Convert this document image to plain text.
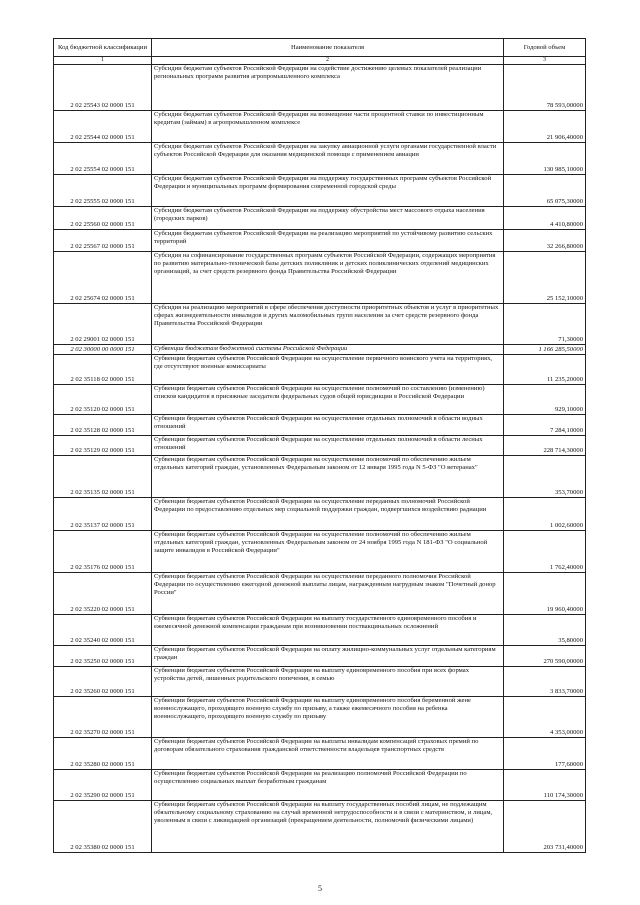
Код бюджетной классификации	Наименование показателя	Годовой объем
1	2	3
2 02 25543 02 0000 151	Субсидии бюджетам субъектов Российской Федерации на содействие достижению целевых показателей реализации региональных программ развития агропромышленного комплекса	78 593,00000
2 02 25544 02 0000 151	Субсидии бюджетам субъектов Российской Федерации на возмещение части процентной ставки по инвестиционным кредитам (займам) в агропромышленном комплексе	21 906,40000
2 02 25554 02 0000 151	Субсидии бюджетам субъектов Российской Федерации на закупку авиационной услуги органами государственной власти субъектов Российской Федерации для оказания медицинской помощи с применением авиации	130 985,10000
2 02 25555 02 0000 151	Субсидии бюджетам субъектов Российской Федерации на поддержку государственных программ субъектов Российской Федерации и муниципальных программ формирования современной городской среды	65 075,30000
2 02 25560 02 0000 151	Субсидии бюджетам субъектов Российской Федерации на поддержку обустройства мест массового отдыха населения (городских парков)	4 410,80000
2 02 25567 02 0000 151	Субсидии бюджетам субъектов Российской Федерации на реализацию мероприятий по устойчивому развитию сельских территорий	32 266,80000
2 02 25674 02 0000 151	Субсидия на софинансирование государственных программ субъектов Российской Федерации, содержащих мероприятия по развитию материально-технической базы детских поликлиник и детских поликлинических отделений медицинских организаций, за счет средств резервного фонда Правительства Российской Федерации	25 152,10000
2 02 29001 02 0000 151	Субсидия на реализацию мероприятий в сфере обеспечения доступности приоритетных объектов и услуг в приоритетных сферах жизнедеятельности инвалидов и других маломобильных групп населения за счет средств резервного фонда Правительства Российской Федерации	71,30000
2 02 30000 00 0000 151	Субвенции бюджетам бюджетной системы Российской Федерации	1 166 285,50000
2 02 35118 02 0000 151	Субвенции бюджетам субъектов Российской Федерации на осуществление первичного воинского учета на территориях, где отсутствуют военные комиссариаты	11 235,20000
2 02 35120 02 0000 151	Субвенции бюджетам субъектов Российской Федерации на осуществление полномочий по составлению (изменению) списков кандидатов в присяжные заседатели федеральных судов общей юрисдикции в Российской Федерации	929,10000
2 02 35128 02 0000 151	Субвенции бюджетам субъектов Российской Федерации на осуществление отдельных полномочий в области водных отношений	7 284,10000
2 02 35129 02 0000 151	Субвенции бюджетам субъектов Российской Федерации на осуществление отдельных полномочий в области лесных отношений	228 714,30000
2 02 35135 02 0000 151	Субвенции бюджетам субъектов Российской Федерации на осуществление полномочий по обеспечению жильем отдельных категорий граждан, установленных Федеральным законом от 12 января 1995 года N 5-ФЗ "О ветеранах"	353,70000
2 02 35137 02 0000 151	Субвенции бюджетам субъектов Российской Федерации на осуществление переданных полномочий Российской Федерации по предоставлению отдельных мер социальной поддержки граждан, подвергшихся воздействию радиации	1 002,60000
2 02 35176 02 0000 151	Субвенции бюджетам субъектов Российской Федерации на осуществление полномочий по обеспечению жильем отдельных категорий граждан, установленных Федеральным законом от 24 ноября 1995 года N 181-ФЗ "О социальной защите инвалидов в Российской Федерации"	1 762,40000
2 02 35220 02 0000 151	Субвенции бюджетам субъектов Российской Федерации на осуществление переданного полномочия Российской Федерации по осуществлению ежегодной денежной выплаты лицам, награжденным нагрудным знаком "Почетный донор России"	19 960,40000
2 02 35240 02 0000 151	Субвенции бюджетам субъектов Российской Федерации на выплату государственного единовременного пособия и ежемесячной денежной компенсации гражданам при возникновении поствакцинальных осложнений	35,80000
2 02 35250 02 0000 151	Субвенции бюджетам субъектов Российской Федерации на оплату жилищно-коммунальных услуг отдельным категориям граждан	270 590,00000
2 02 35260 02 0000 151	Субвенции бюджетам субъектов Российской Федерации на выплату единовременного пособия при всех формах устройства детей, лишенных родительского попечения, в семью	3 833,70000
2 02 35270 02 0000 151	Субвенции бюджетам субъектов Российской Федерации на выплату единовременного пособия беременной жене военнослужащего, проходящего военную службу по призыву, а также ежемесячного пособия на ребенка военнослужащего, проходящего военную службу по призыву	4 353,00000
2 02 35280 02 0000 151	Субвенции бюджетам субъектов Российской Федерации на выплаты инвалидам компенсаций страховых премий по договорам обязательного страхования гражданской ответственности владельцев транспортных средств	177,60000
2 02 35290 02 0000 151	Субвенции бюджетам субъектов Российской Федерации на реализацию полномочий Российской Федерации по осуществлению социальных выплат безработным гражданам	110 174,30000
2 02 35380 02 0000 151	Субвенции бюджетам субъектов Российской Федерации на выплату государственных пособий лицам, не подлежащим обязательному социальному страхованию на случай временной нетрудоспособности и в связи с материнством, и лицам, уволенным в связи с ликвидацией организаций (прекращением деятельности, полномочий физическими лицами)	203 731,40000
5
